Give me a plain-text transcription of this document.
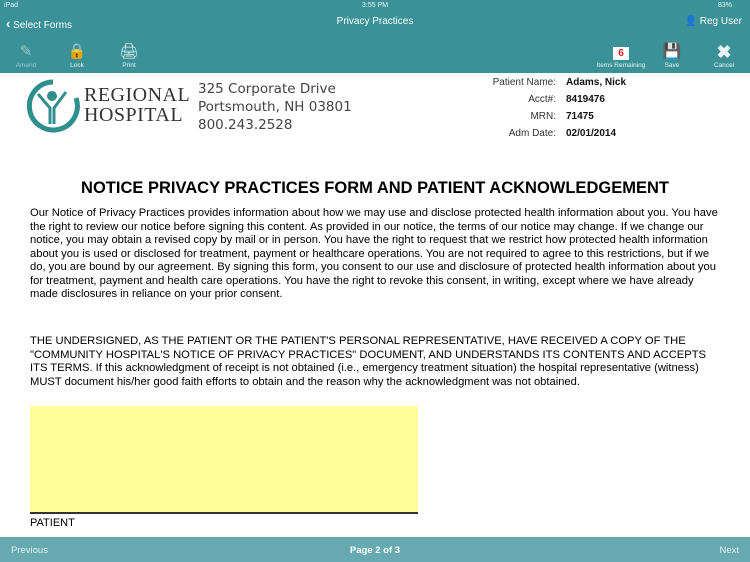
iPad	3:55 PM	83%
‹ Select Forms	Privacy Practices	👤 Reg User
✎
Amend
🔒
Lock
🖨
Print
6
Items Remaining
💾
Save
✖
Cancel
REGIONAL
HOSPITAL
325 Corporate Drive
Portsmouth, NH 03801
800.243.2528
Patient Name: Adams, Nick
Acct#: 8419476
MRN: 71475
Adm Date: 02/01/2014
NOTICE PRIVACY PRACTICES FORM AND PATIENT ACKNOWLEDGEMENT
Our Notice of Privacy Practices provides information about how we may use and disclose protected health information about you. You have the right to review our notice before signing this content. As provided in our notice, the terms of our notice may change. If we change our notice, you may obtain a revised copy by mail or in person. You have the right to request that we restrict how protected health information about you is used or disclosed for treatment, payment or healthcare operations. You are not required to agree to this restrictions, but if we do, you are bound by our agreement. By signing this form, you consent to our use and disclosure of protected health information about you for treatment, payment and health care operations. You have the right to revoke this consent, in writing, except where we have already made disclosures in reliance on your prior consent.
THE UNDERSIGNED, AS THE PATIENT OR THE PATIENT'S PERSONAL REPRESENTATIVE, HAVE RECEIVED A COPY OF THE "COMMUNITY HOSPITAL'S NOTICE OF PRIVACY PRACTICES" DOCUMENT, AND UNDERSTANDS ITS CONTENTS AND ACCEPTS ITS TERMS. If this acknowledgment of receipt is not obtained (i.e., emergency treatment situation) the hospital representative (witness) MUST document his/her good faith efforts to obtain and the reason why the acknowledgment was not obtained.
PATIENT
Previous	Page 2 of 3	Next
